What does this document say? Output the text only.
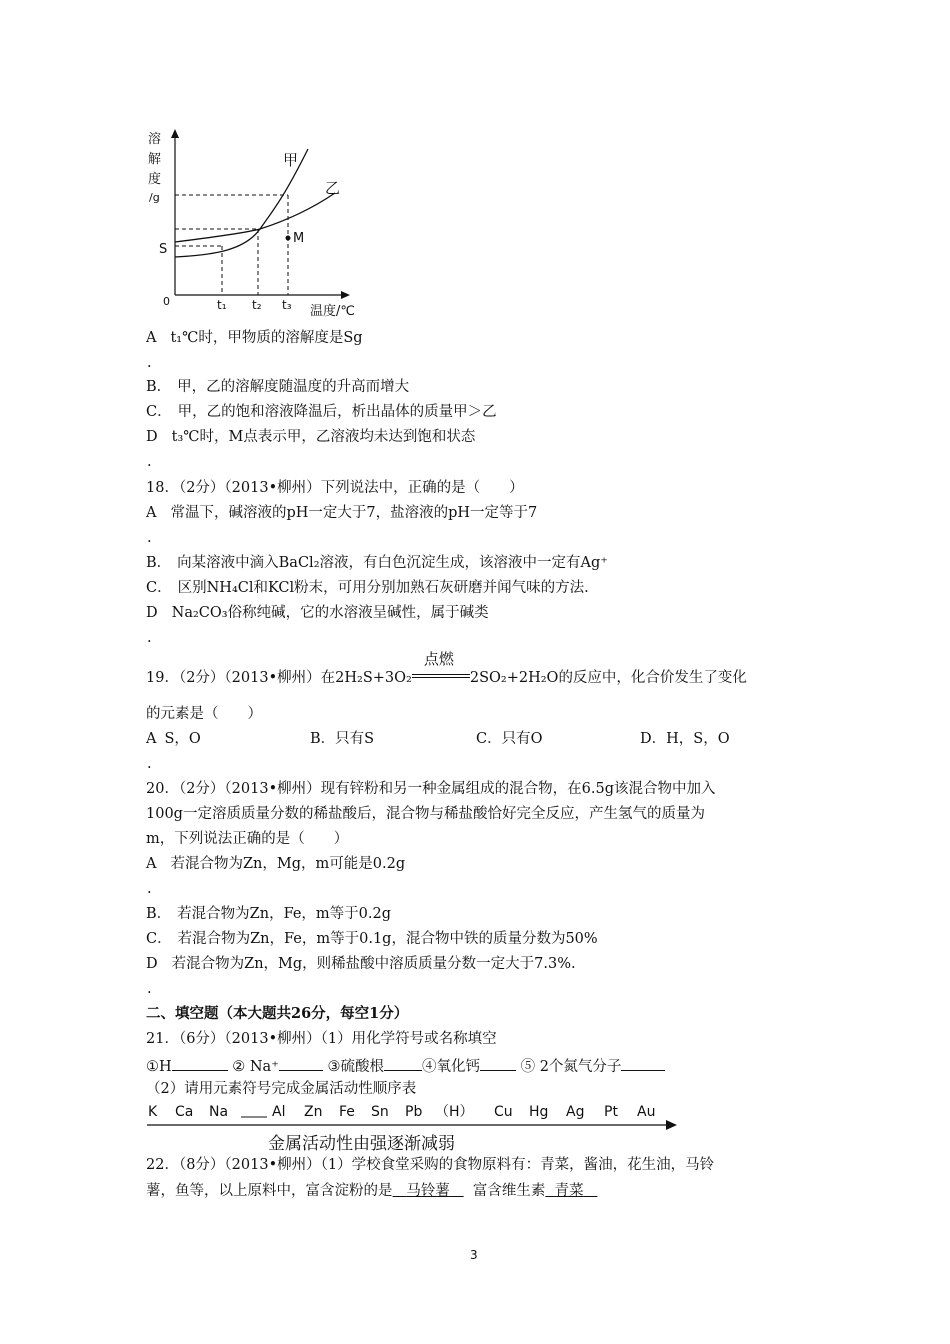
溶
解
度
/g
S
0	t₁ t₂ t₃ 温度/℃
甲
乙
M
A t₁℃时，甲物质的溶解度是Sg
.
B． 甲，乙的溶解度随温度的升高而增大
C． 甲，乙的饱和溶液降温后，析出晶体的质量甲＞乙
D t₃℃时，M点表示甲，乙溶液均未达到饱和状态
.
18．（2分）（2013•柳州）下列说法中，正确的是（　　）
A 常温下，碱溶液的pH一定大于7，盐溶液的pH一定等于7
.
B． 向某溶液中滴入BaCl₂溶液，有白色沉淀生成，该溶液中一定有Ag⁺
C． 区别NH₄Cl和KCl粉末，可用分别加熟石灰研磨并闻气味的方法.
D Na₂CO₃俗称纯碱，它的水溶液呈碱性，属于碱类
.
19．（2分）（2013•柳州）在2H₂S+3O₂
点燃
2SO₂+2H₂O的反应中，化合价发生了变化
的元素是（　　）
A S，O	B．只有S	C．只有O	D．H，S，O
.
20．（2分）（2013•柳州）现有锌粉和另一种金属组成的混合物，在6.5g该混合物中加入
100g一定溶质质量分数的稀盐酸后，混合物与稀盐酸恰好完全反应，产生氢气的质量为
m，下列说法正确的是（　　）
A 若混合物为Zn，Mg，m可能是0.2g
.
B． 若混合物为Zn，Fe，m等于0.2g
C． 若混合物为Zn，Fe，m等于0.1g，混合物中铁的质量分数为50%
D 若混合物为Zn，Mg，则稀盐酸中溶质质量分数一定大于7.3%.
.
二、填空题（本大题共26分，每空1分）
21．（6分）（2013•柳州）（1）用化学符号或名称填空
①H	② Na⁺	③硫酸根	④氧化钙	⑤ 2个氮气分子
（2）请用元素符号完成金属活动性顺序表
K Ca Na	Al Zn Fe Sn Pb （H） Cu Hg Ag Pt Au
金属活动性由强逐渐减弱
22．（8分）（2013•柳州）（1）学校食堂采购的食物原料有：青菜，酱油，花生油，马铃
薯，鱼等，以上原料中，富含淀粉的是 马铃薯 富含维生素 青菜
3
